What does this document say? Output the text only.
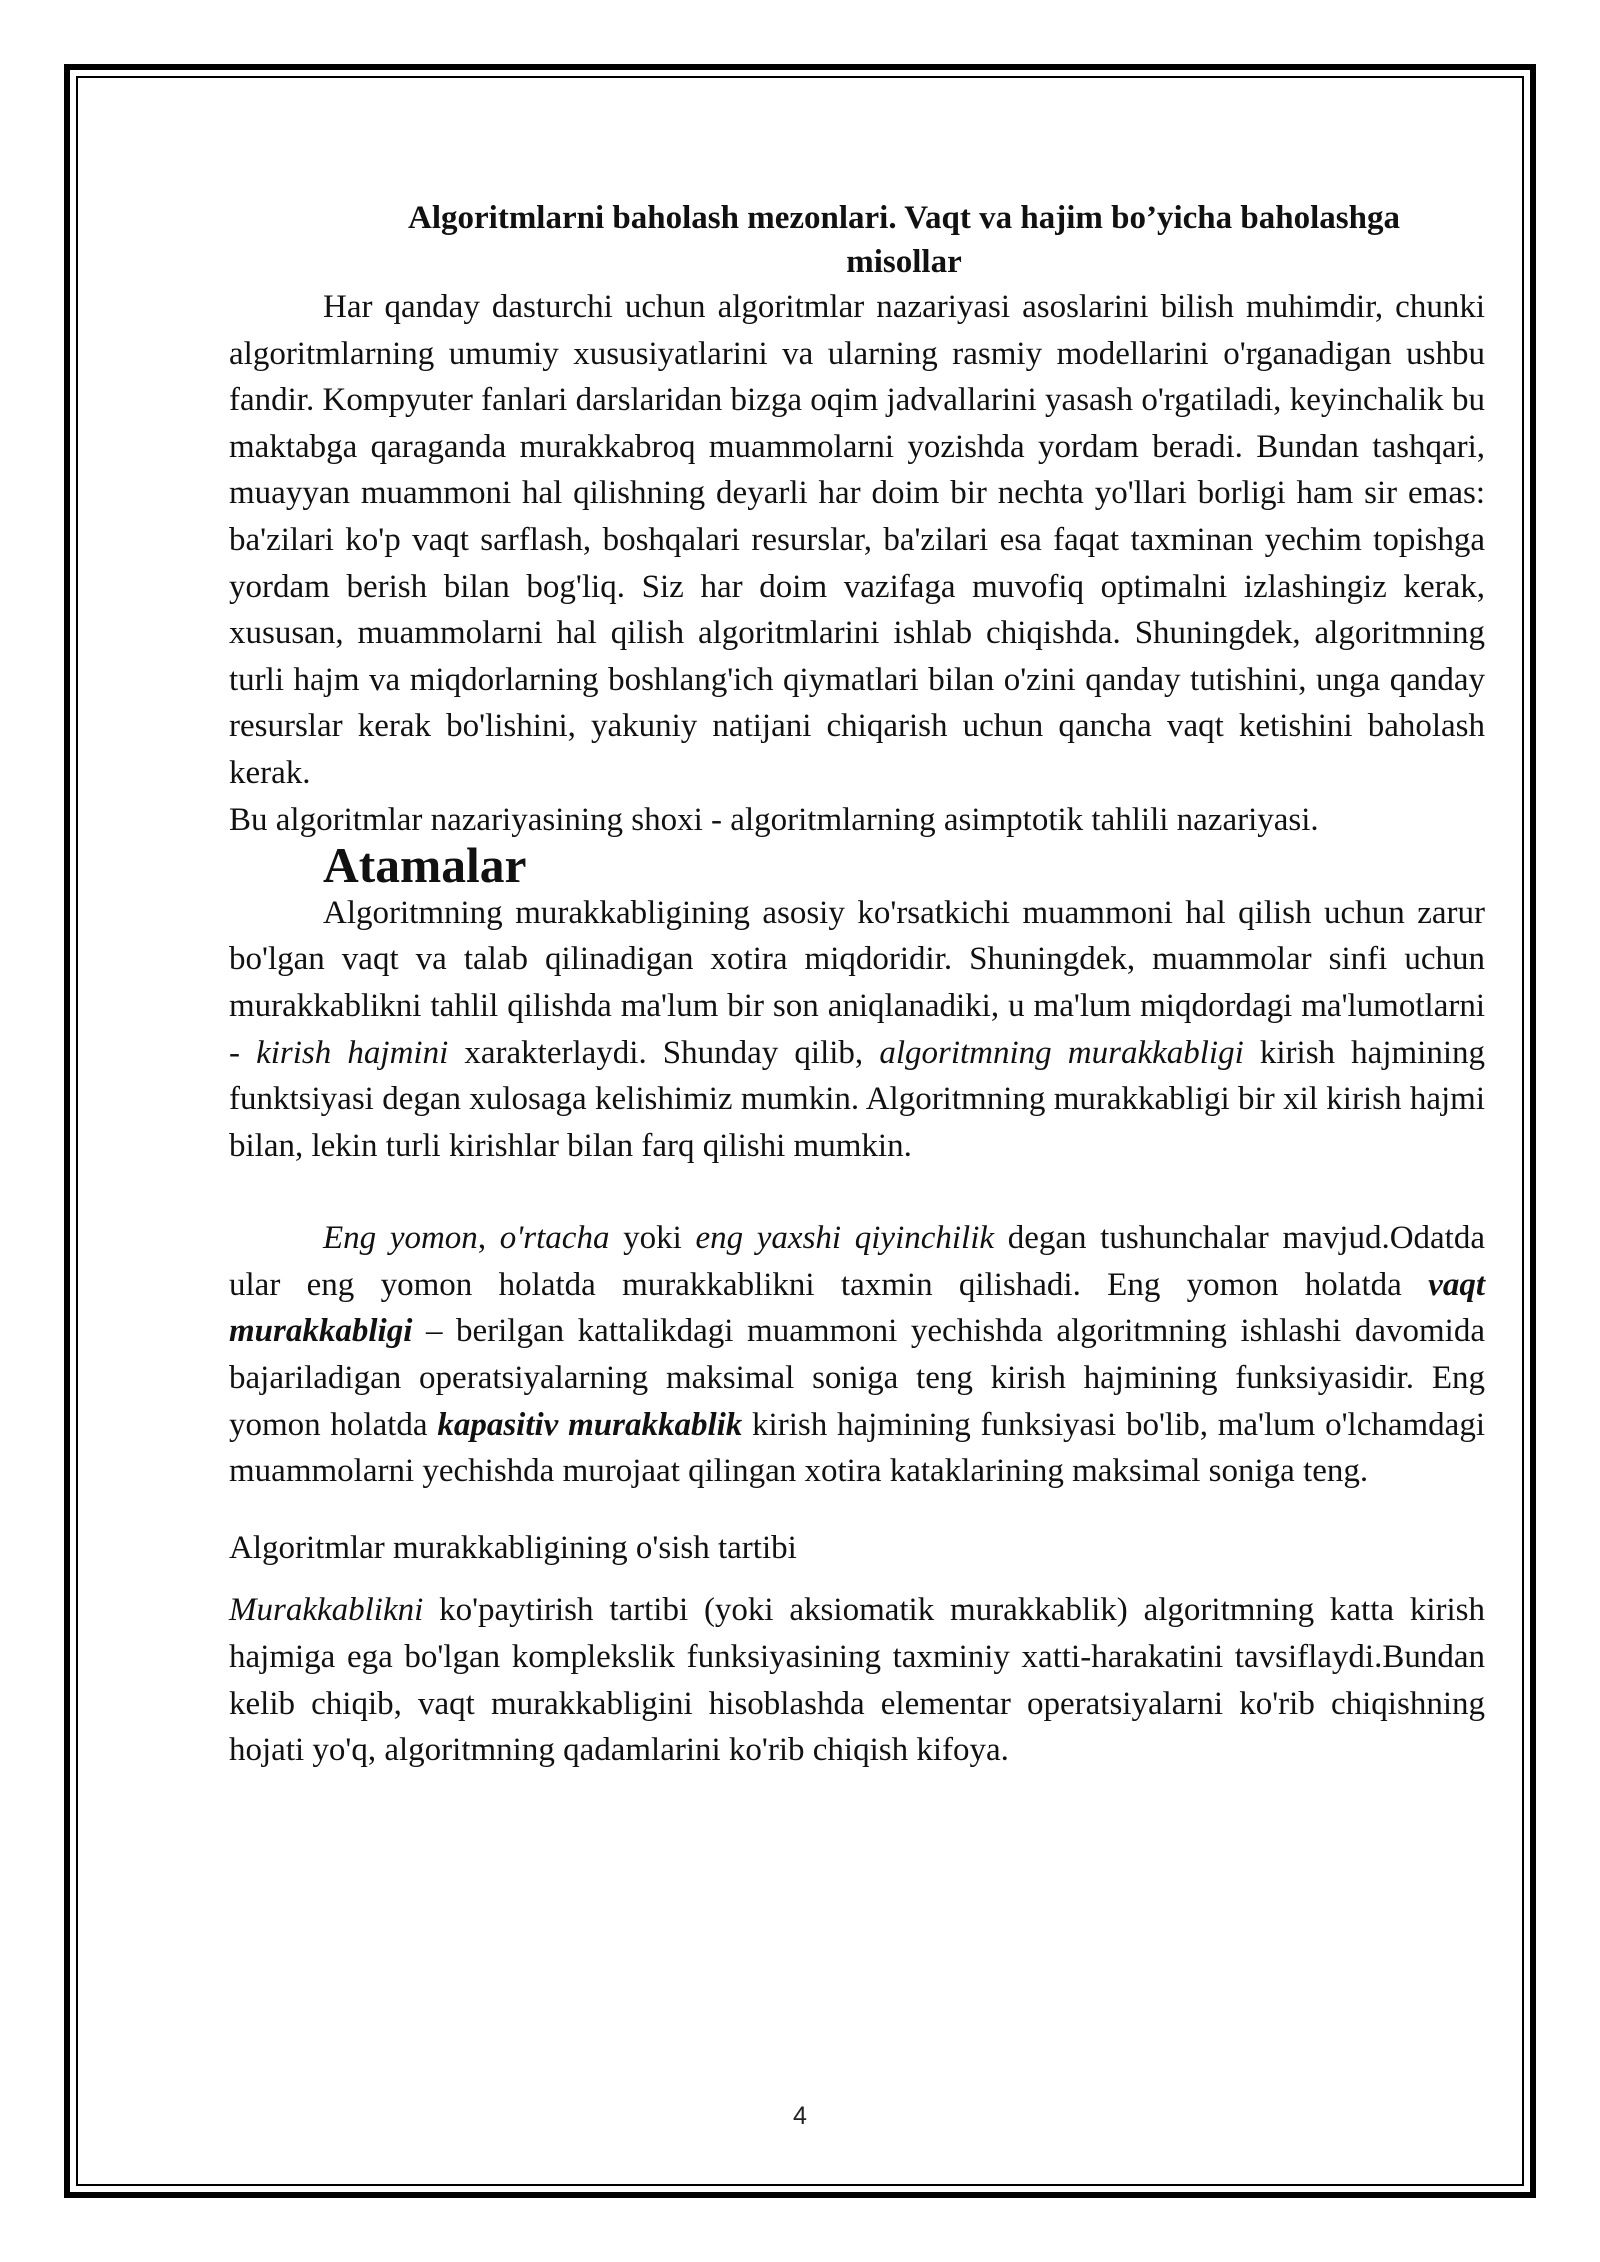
Algoritmlarni baholash mezonlari. Vaqt va hajim bo’yicha baholashga
misollar

Har qanday dasturchi uchun algoritmlar nazariyasi asoslarini bilish muhimdir, chunki algoritmlarning umumiy xususiyatlarini va ularning rasmiy modellarini o'rganadigan ushbu fandir. Kompyuter fanlari darslaridan bizga oqim jadvallarini yasash o'rgatiladi, keyinchalik bu maktabga qaraganda murakkabroq muammolarni yozishda yordam beradi. Bundan tashqari, muayyan muammoni hal qilishning deyarli har doim bir nechta yo'llari borligi ham sir emas: ba'zilari ko'p vaqt sarflash, boshqalari resurslar, ba'zilari esa faqat taxminan yechim topishga yordam berish bilan bog'liq. Siz har doim vazifaga muvofiq optimalni izlashingiz kerak, xususan, muammolarni hal qilish algoritmlarini ishlab chiqishda. Shuningdek, algoritmning turli hajm va miqdorlarning boshlang'ich qiymatlari bilan o'zini qanday tutishini, unga qanday resurslar kerak bo'lishini, yakuniy natijani chiqarish uchun qancha vaqt ketishini baholash kerak.

Bu algoritmlar nazariyasining shoxi - algoritmlarning asimptotik tahlili nazariyasi.

Atamalar

Algoritmning murakkabligining asosiy ko'rsatkichi muammoni hal qilish uchun zarur bo'lgan vaqt va talab qilinadigan xotira miqdoridir. Shuningdek, muammolar sinfi uchun murakkablikni tahlil qilishda ma'lum bir son aniqlanadiki, u ma'lum miqdordagi ma'lumotlarni - kirish hajmini xarakterlaydi. Shunday qilib, algoritmning murakkabligi kirish hajmining funktsiyasi degan xulosaga kelishimiz mumkin. Algoritmning murakkabligi bir xil kirish hajmi bilan, lekin turli kirishlar bilan farq qilishi mumkin.

Eng yomon, o'rtacha yoki eng yaxshi qiyinchilik degan tushunchalar mavjud.Odatda ular eng yomon holatda murakkablikni taxmin qilishadi. Eng yomon holatda vaqt murakkabligi – berilgan kattalikdagi muammoni yechishda algoritmning ishlashi davomida bajariladigan operatsiyalarning maksimal soniga teng kirish hajmining funksiyasidir. Eng yomon holatda kapasitiv murakkablik kirish hajmining funksiyasi bo'lib, ma'lum o'lchamdagi muammolarni yechishda murojaat qilingan xotira kataklarining maksimal soniga teng.

Algoritmlar murakkabligining o'sish tartibi

Murakkablikni ko'paytirish tartibi (yoki aksiomatik murakkablik) algoritmning katta kirish hajmiga ega bo'lgan komplekslik funksiyasining taxminiy xatti-harakatini tavsiflaydi.Bundan kelib chiqib, vaqt murakkabligini hisoblashda elementar operatsiyalarni ko'rib chiqishning hojati yo'q, algoritmning qadamlarini ko'rib chiqish kifoya.

4
